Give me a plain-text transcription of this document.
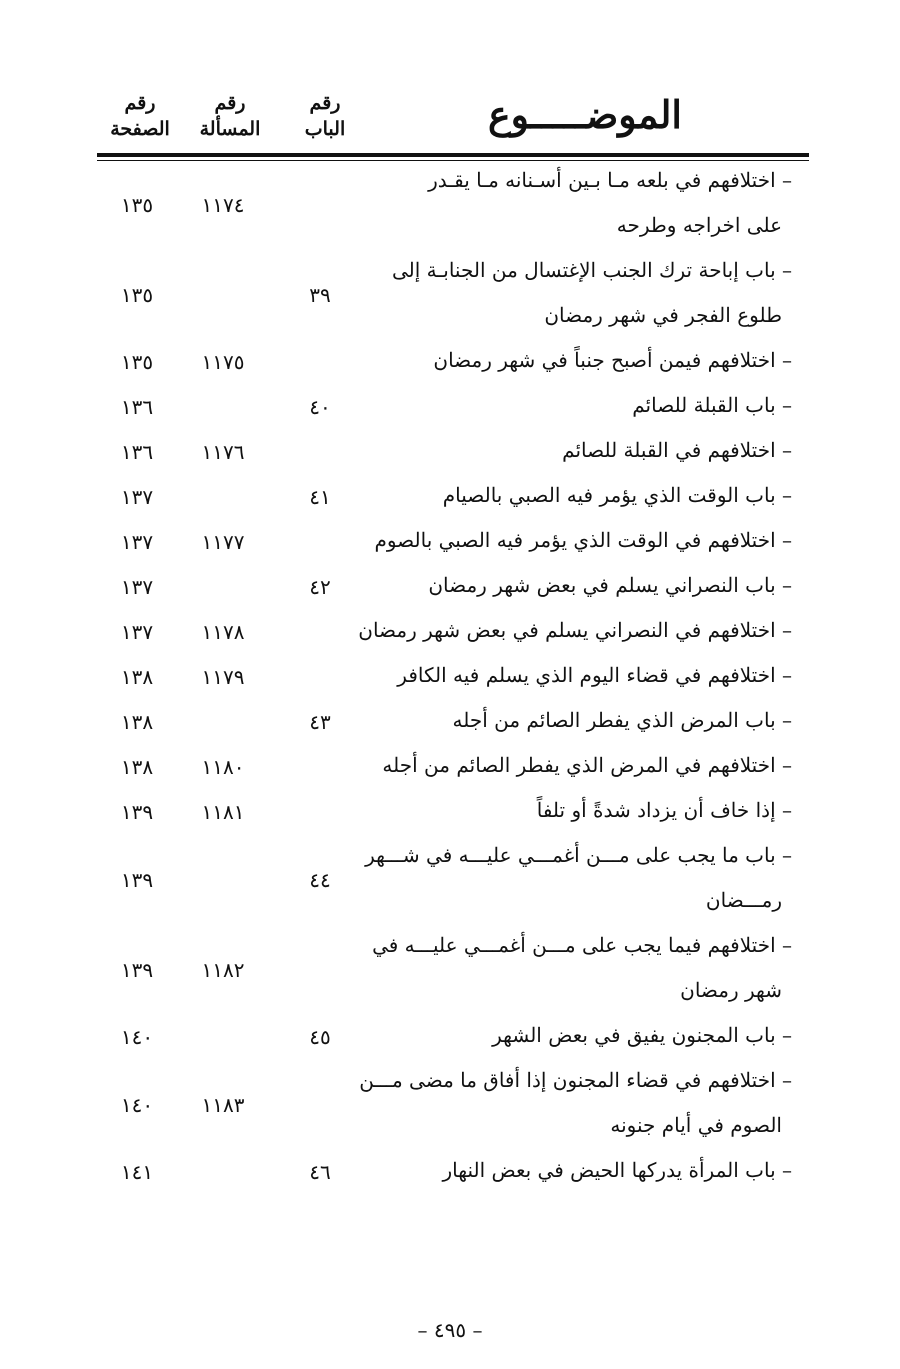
رقم
الباب
رقم
المسألة
رقم
الصفحة	الموضـــــوع
– اختلافهم في بلعه مـا بـين أسـنانه مـا يقـدر
على اخراجه وطرحه
١١٧٤
١٣٥
– باب إباحة ترك الجنب الإغتسال من الجنابـة إلى
طلوع الفجر في شهر رمضان
٣٩
١٣٥
– اختلافهم فيمن أصبح جنباً في شهر رمضان
١١٧٥
١٣٥
– باب القبلة للصائم
٤٠
١٣٦
– اختلافهم في القبلة للصائم
١١٧٦
١٣٦
– باب الوقت الذي يؤمر فيه الصبي بالصيام
٤١
١٣٧
– اختلافهم في الوقت الذي يؤمر فيه الصبي بالصوم
١١٧٧
١٣٧
– باب النصراني يسلم في بعض شهر رمضان
٤٢
١٣٧
– اختلافهم في النصراني يسلم في بعض شهر رمضان
١١٧٨
١٣٧
– اختلافهم في قضاء اليوم الذي يسلم فيه الكافر
١١٧٩
١٣٨
– باب المرض الذي يفطر الصائم من أجله
٤٣
١٣٨
– اختلافهم في المرض الذي يفطر الصائم من أجله
١١٨٠
١٣٨
– إذا خاف أن يزداد شدةً أو تلفاً
١١٨١
١٣٩
– باب ما يجب على مـــن أغمـــي عليـــه في شـــهر
رمـــضان
٤٤
١٣٩
– اختلافهم فيما يجب على مـــن أغمـــي عليـــه في
شهر رمضان
١١٨٢
١٣٩
– باب المجنون يفيق في بعض الشهر
٤٥
١٤٠
– اختلافهم في قضاء المجنون إذا أفاق ما مضى مـــن
الصوم في أيام جنونه
١١٨٣
١٤٠
– باب المرأة يدركها الحيض في بعض النهار
٤٦
١٤١
– ٤٩٥ –
